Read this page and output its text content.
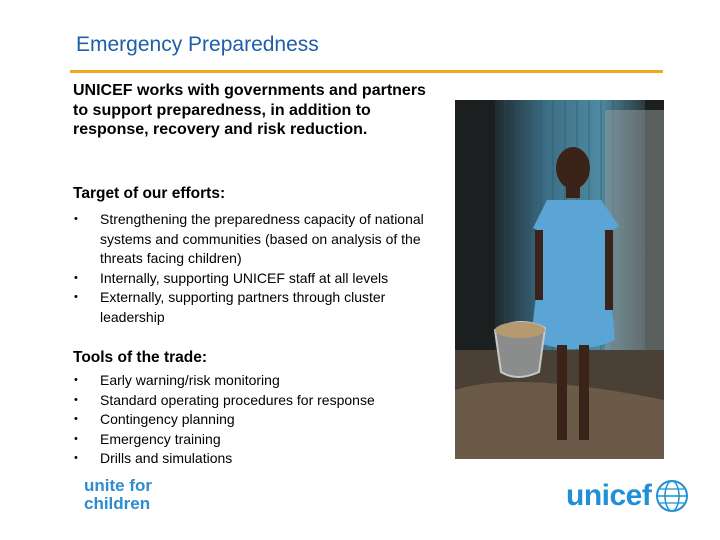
Emergency Preparedness
UNICEF works with governments and partners to support preparedness, in addition to response, recovery and risk reduction.
Target of our efforts:
• Strengthening the preparedness capacity of national systems and communities (based on analysis of the threats facing children)
• Internally, supporting UNICEF staff at all levels
• Externally, supporting partners through cluster leadership
Tools of the trade:
• Early warning/risk monitoring
• Standard operating procedures for response
• Contingency planning
• Emergency training
• Drills and simulations
unite for
children	unicef
